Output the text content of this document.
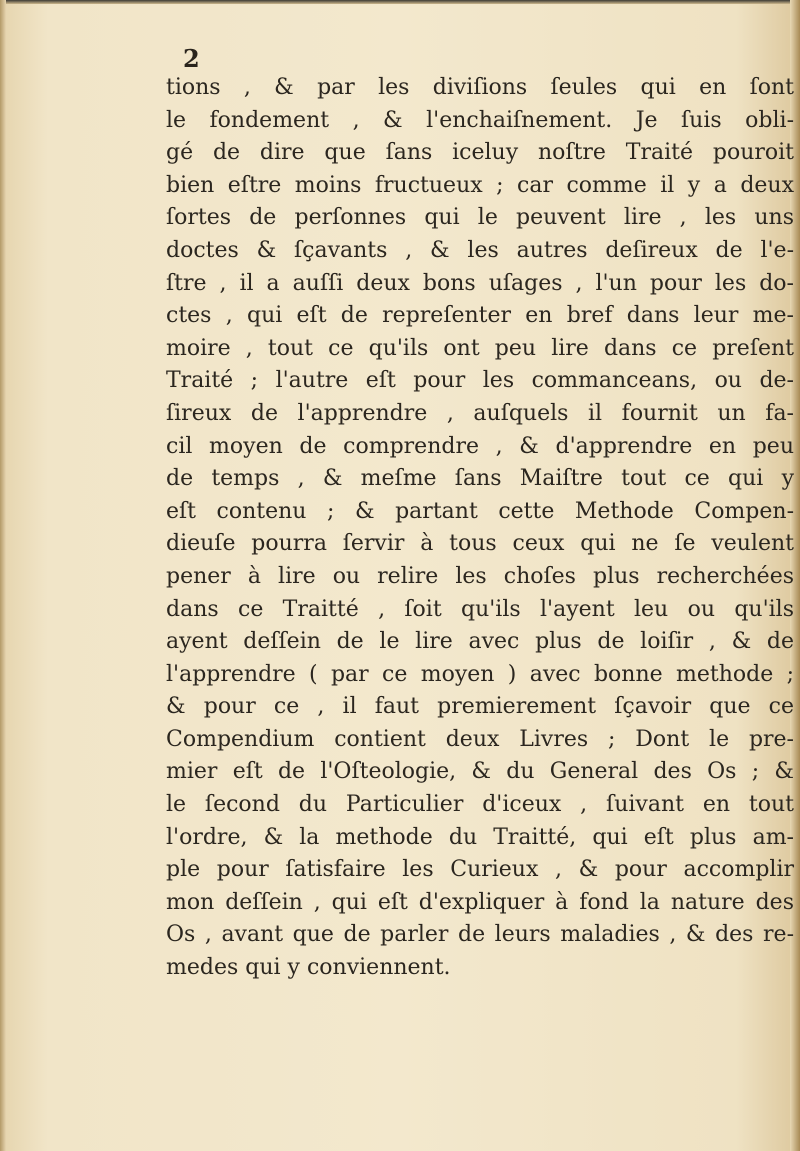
2
tions , & par les diviſions ſeules qui en ſont
le fondement , & l'enchaiſnement. Je ſuis obli-
gé de dire que ſans iceluy noſtre Traité pouroit
bien eſtre moins fructueux ; car comme il y a deux
ſortes de perſonnes qui le peuvent lire , les uns
doctes & ſçavants , & les autres deſireux de l'e-
ſtre , il a auſſi deux bons uſages , l'un pour les do-
ctes , qui eſt de repreſenter en bref dans leur me-
moire , tout ce qu'ils ont peu lire dans ce preſent
Traité ; l'autre eſt pour les commanceans, ou de-
ſireux de l'apprendre , auſquels il fournit un fa-
cil moyen de comprendre , & d'apprendre en peu
de temps , & meſme ſans Maiſtre tout ce qui y
eſt contenu ; & partant cette Methode Compen-
dieuſe pourra ſervir à tous ceux qui ne ſe veulent
pener à lire ou relire les choſes plus recherchées
dans ce Traitté , ſoit qu'ils l'ayent leu ou qu'ils
ayent deſſein de le lire avec plus de loiſir , & de
l'apprendre ( par ce moyen ) avec bonne methode ;
& pour ce , il faut premierement ſçavoir que ce
Compendium contient deux Livres ; Dont le pre-
mier eſt de l'Oſteologie, & du General des Os ; &
le ſecond du Particulier d'iceux , ſuivant en tout
l'ordre, & la methode du Traitté, qui eſt plus am-
ple pour ſatisfaire les Curieux , & pour accomplir
mon deſſein , qui eſt d'expliquer à fond la nature des
Os , avant que de parler de leurs maladies , & des re-
medes qui y conviennent.
